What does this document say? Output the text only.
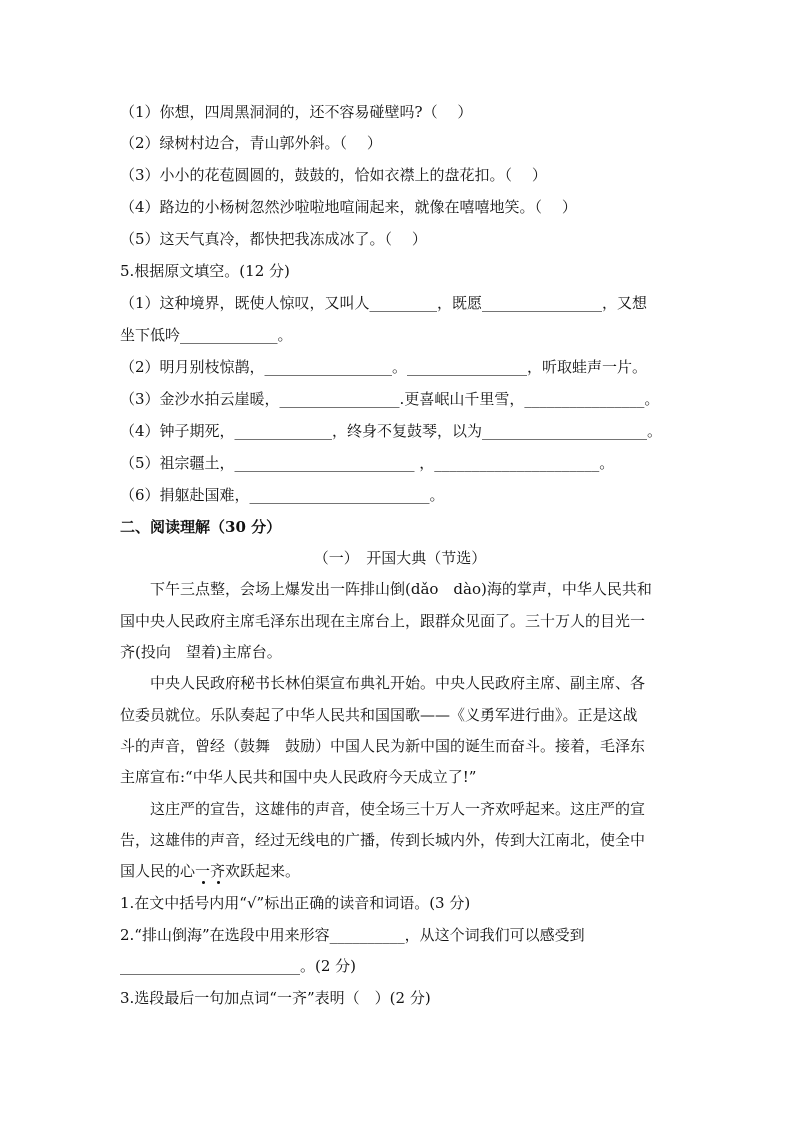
（1）你想，四周黑洞洞的，还不容易碰壁吗?（　 ）
（2）绿树村边合，青山郭外斜。（　 ）
（3）小小的花苞圆圆的，鼓鼓的，恰如衣襟上的盘花扣。（　 ）
（4）路边的小杨树忽然沙啦啦地喧闹起来，就像在嘻嘻地笑。（　 ）
（5）这天气真冷，都快把我冻成冰了。（　 ）
5.根据原文填空。(12 分)
（1）这种境界，既使人惊叹，又叫人_________，既愿________________，又想
坐下低吟_____________。
（2）明月别枝惊鹊，_________________。________________，听取蛙声一片。
（3）金沙水拍云崖暖，________________.更喜岷山千里雪，________________。
（4）钟子期死，_____________，终身不复鼓琴，以为______________________。
（5）祖宗疆土，________________________ ，______________________。
（6）捐躯赴国难，________________________。
二、阅读理解（30 分）
（一）　开国大典（节选）
下午三点整，会场上爆发出一阵排山倒(dǎo　dào)海的掌声，中华人民共和
国中央人民政府主席毛泽东出现在主席台上，跟群众见面了。三十万人的目光一
齐(投向　望着)主席台。
中央人民政府秘书长林伯渠宣布典礼开始。中央人民政府主席、副主席、各
位委员就位。乐队奏起了中华人民共和国国歌——《义勇军进行曲》。正是这战
斗的声音，曾经（鼓舞　鼓励）中国人民为新中国的诞生而奋斗。接着，毛泽东
主席宣布:“中华人民共和国中央人民政府今天成立了!”
这庄严的宣告，这雄伟的声音，使全场三十万人一齐欢呼起来。这庄严的宣
告，这雄伟的声音，经过无线电的广播，传到长城内外，传到大江南北，使全中
国人民的心一齐欢跃起来。
1.在文中括号内用“√”标出正确的读音和词语。(3 分)
2.“排山倒海”在选段中用来形容__________，从这个词我们可以感受到
________________________。(2 分)
3.选段最后一句加点词“一齐”表明（　）(2 分)
